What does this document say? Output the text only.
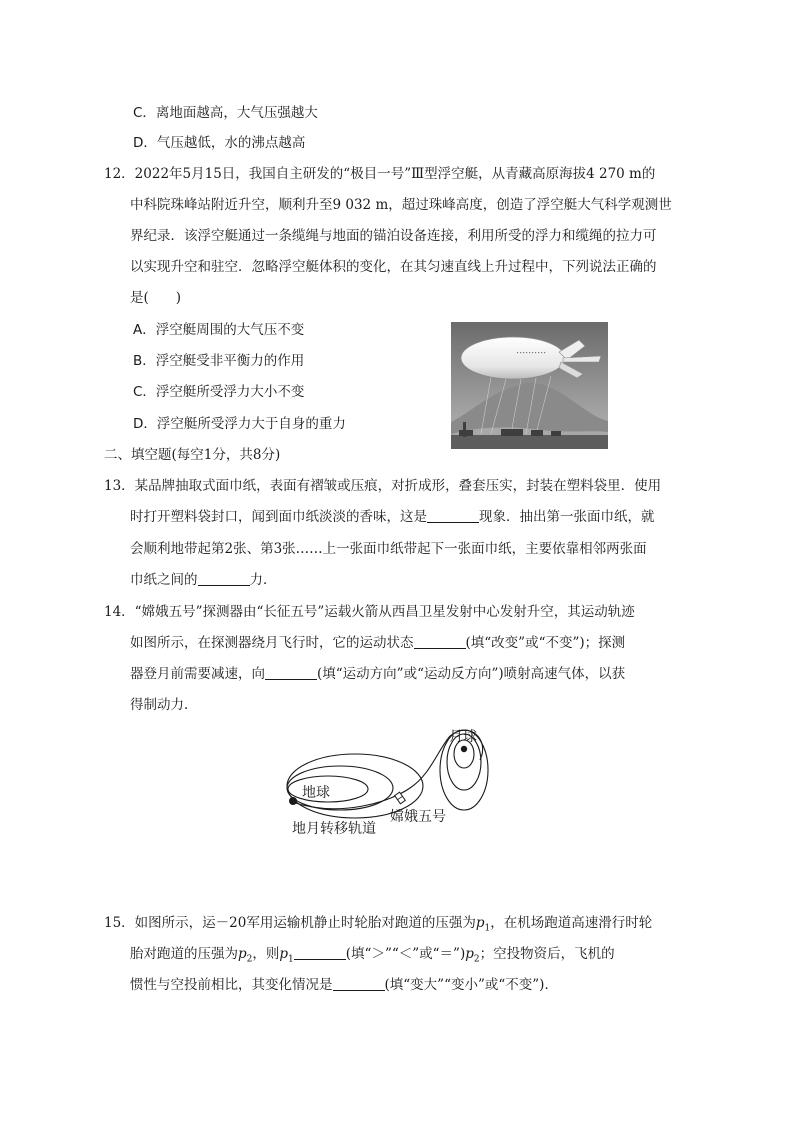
C．离地面越高，大气压强越大
D．气压越低，水的沸点越高
12．2022年5月15日，我国自主研发的“极目一号”Ⅲ型浮空艇，从青藏高原海拔4 270 m的
中科院珠峰站附近升空，顺利升至9 032 m，超过珠峰高度，创造了浮空艇大气科学观测世
界纪录．该浮空艇通过一条缆绳与地面的锚泊设备连接，利用所受的浮力和缆绳的拉力可
以实现升空和驻空．忽略浮空艇体积的变化，在其匀速直线上升过程中，下列说法正确的
是(　　)
A．浮空艇周围的大气压不变
B．浮空艇受非平衡力的作用
C．浮空艇所受浮力大小不变
D．浮空艇所受浮力大于自身的重力
二、填空题(每空1分，共8分)
13．某品牌抽取式面巾纸，表面有褶皱或压痕，对折成形，叠套压实，封装在塑料袋里．使用
时打开塑料袋封口，闻到面巾纸淡淡的香味，这是	现象．抽出第一张面巾纸，就
会顺利地带起第2张、第3张……上一张面巾纸带起下一张面巾纸，主要依靠相邻两张面
巾纸之间的	力．
14．“嫦娥五号”探测器由“长征五号”运载火箭从西昌卫星发射中心发射升空，其运动轨迹
如图所示，在探测器绕月飞行时，它的运动状态	(填“改变”或“不变”)；探测
器登月前需要减速，向	(填“运动方向”或“运动反方向”)喷射高速气体，以获
得制动力．
月球
地球
嫦娥五号
地月转移轨道
15．如图所示，运－20军用运输机静止时轮胎对跑道的压强为$p_1$，在机场跑道高速滑行时轮
胎对跑道的压强为$p_2$，则$p_1$	(填“＞”“＜”或“$=”)p_2$；空投物资后，飞机的
惯性与空投前相比，其变化情况是	(填“变大”“变小”或“不变”)．
